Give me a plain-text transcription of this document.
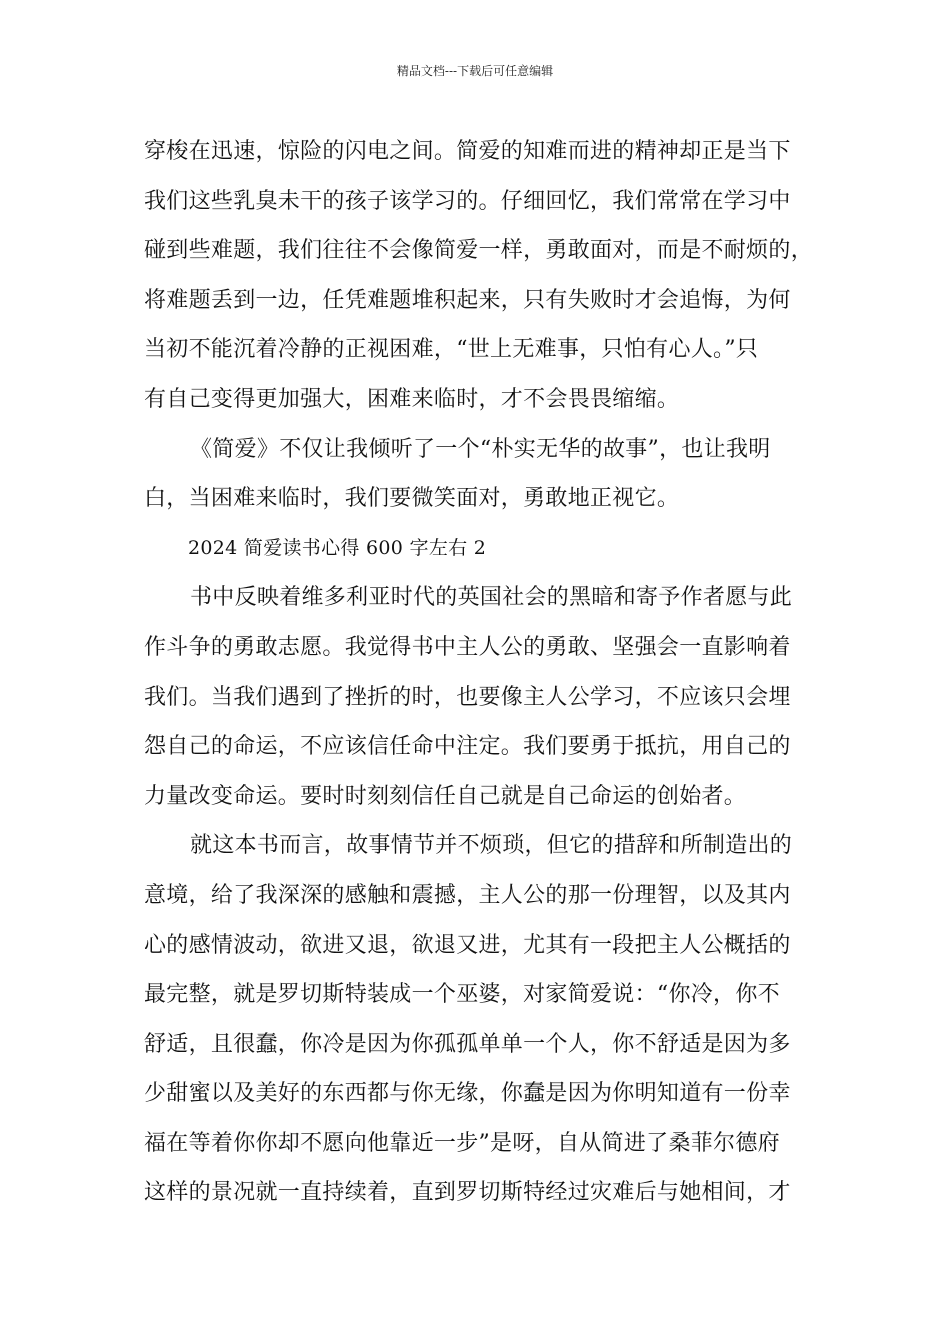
精品文档---下载后可任意编辑
穿梭在迅速，惊险的闪电之间。简爱的知难而进的精神却正是当下
我们这些乳臭未干的孩子该学习的。仔细回忆，我们常常在学习中
碰到些难题，我们往往不会像简爱一样，勇敢面对，而是不耐烦的，
将难题丢到一边，任凭难题堆积起来，只有失败时才会追悔，为何
当初不能沉着冷静的正视困难，“世上无难事，只怕有心人。”只
有自己变得更加强大，困难来临时，才不会畏畏缩缩。
《简爱》不仅让我倾听了一个“朴实无华的故事”，也让我明
白，当困难来临时，我们要微笑面对，勇敢地正视它。
2024 简爱读书心得 600 字左右 2
书中反映着维多利亚时代的英国社会的黑暗和寄予作者愿与此
作斗争的勇敢志愿。我觉得书中主人公的勇敢、坚强会一直影响着
我们。当我们遇到了挫折的时，也要像主人公学习，不应该只会埋
怨自己的命运，不应该信任命中注定。我们要勇于抵抗，用自己的
力量改变命运。要时时刻刻信任自己就是自己命运的创始者。
就这本书而言，故事情节并不烦琐，但它的措辞和所制造出的
意境，给了我深深的感触和震撼，主人公的那一份理智，以及其内
心的感情波动，欲进又退，欲退又进，尤其有一段把主人公概括的
最完整，就是罗切斯特装成一个巫婆，对家简爱说：“你冷，你不
舒适，且很蠢，你冷是因为你孤孤单单一个人，你不舒适是因为多
少甜蜜以及美好的东西都与你无缘，你蠢是因为你明知道有一份幸
福在等着你你却不愿向他靠近一步”是呀，自从简进了桑菲尔德府
这样的景况就一直持续着，直到罗切斯特经过灾难后与她相间，才
